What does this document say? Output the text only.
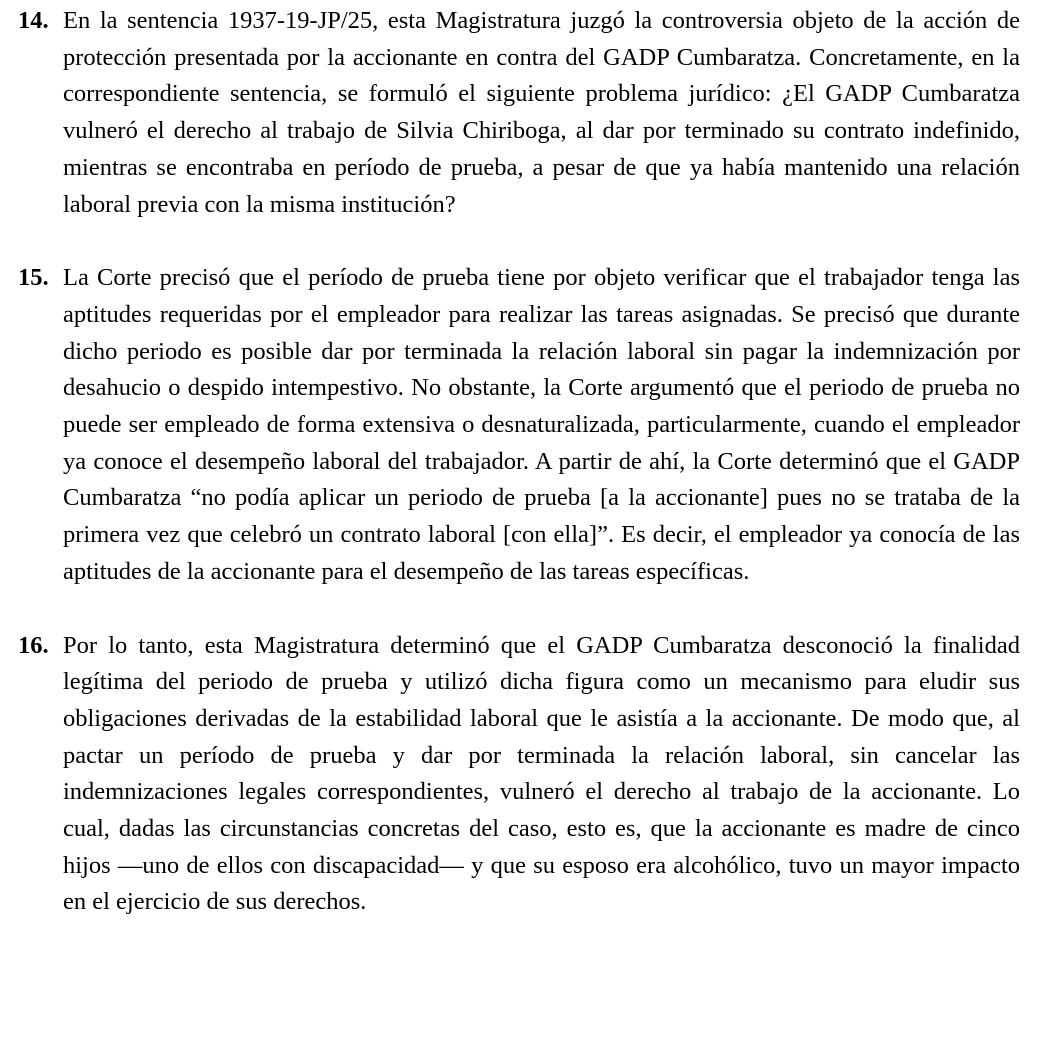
14. En la sentencia 1937-19-JP/25, esta Magistratura juzgó la controversia objeto de la acción de protección presentada por la accionante en contra del GADP Cumbaratza. Concretamente, en la correspondiente sentencia, se formuló el siguiente problema jurídico: ¿El GADP Cumbaratza vulneró el derecho al trabajo de Silvia Chiriboga, al dar por terminado su contrato indefinido, mientras se encontraba en período de prueba, a pesar de que ya había mantenido una relación laboral previa con la misma institución?

15. La Corte precisó que el período de prueba tiene por objeto verificar que el trabajador tenga las aptitudes requeridas por el empleador para realizar las tareas asignadas. Se precisó que durante dicho periodo es posible dar por terminada la relación laboral sin pagar la indemnización por desahucio o despido intempestivo. No obstante, la Corte argumentó que el periodo de prueba no puede ser empleado de forma extensiva o desnaturalizada, particularmente, cuando el empleador ya conoce el desempeño laboral del trabajador. A partir de ahí, la Corte determinó que el GADP Cumbaratza “no podía aplicar un periodo de prueba [a la accionante] pues no se trataba de la primera vez que celebró un contrato laboral [con ella]”. Es decir, el empleador ya conocía de las aptitudes de la accionante para el desempeño de las tareas específicas.

16. Por lo tanto, esta Magistratura determinó que el GADP Cumbaratza desconoció la finalidad legítima del periodo de prueba y utilizó dicha figura como un mecanismo para eludir sus obligaciones derivadas de la estabilidad laboral que le asistía a la accionante. De modo que, al pactar un período de prueba y dar por terminada la relación laboral, sin cancelar las indemnizaciones legales correspondientes, vulneró el derecho al trabajo de la accionante. Lo cual, dadas las circunstancias concretas del caso, esto es, que la accionante es madre de cinco hijos —uno de ellos con discapacidad— y que su esposo era alcohólico, tuvo un mayor impacto en el ejercicio de sus derechos.
